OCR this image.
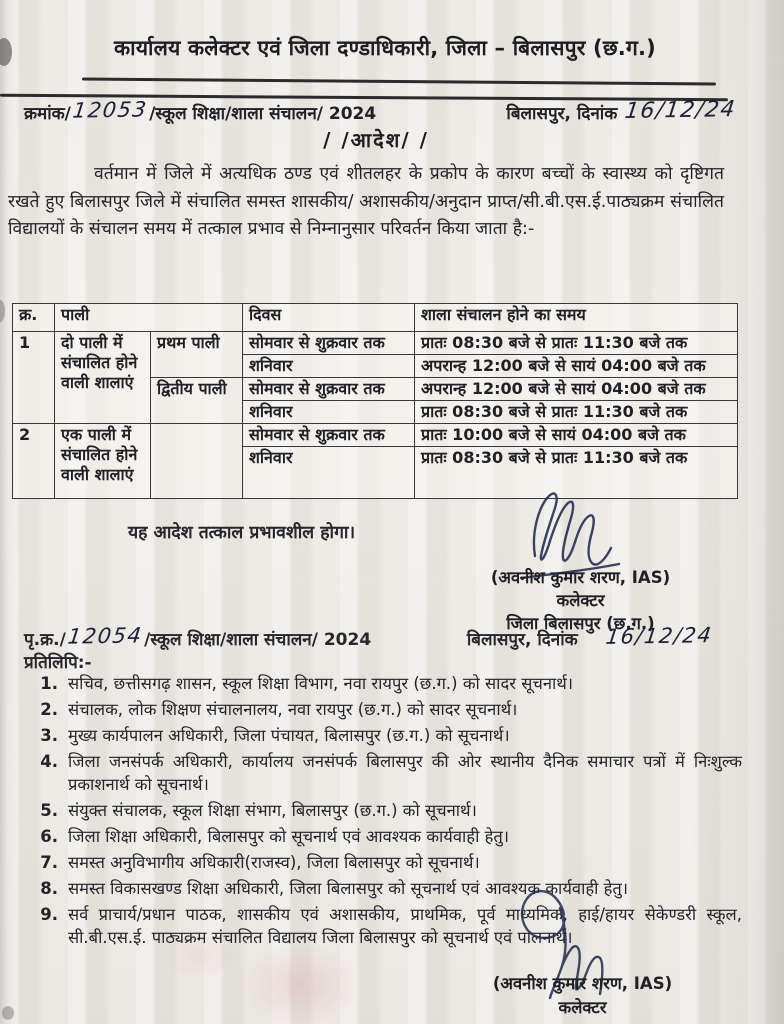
कार्यालय कलेक्टर एवं जिला दण्डाधिकारी, जिला – बिलासपुर (छ.ग.)
क्रमांक/12053/स्कूल शिक्षा/शाला संचालन/ 2024	बिलासपुर, दिनांक 16/12/24
/ /आदेश/ /

वर्तमान में जिले में अत्यधिक ठण्ड एवं शीतलहर के प्रकोप के कारण बच्चों के स्वास्थ्य को दृष्टिगत रखते हुए बिलासपुर जिले में संचालित समस्त शासकीय/ अशासकीय/अनुदान प्राप्त/सी.बी.एस.ई.पाठ्यक्रम संचालित विद्यालयों के संचालन समय में तत्काल प्रभाव से निम्नानुसार परिवर्तन किया जाता है:-

क्र.	पाली		दिवस	शाला संचालन होने का समय
1	दो पाली में संचालित होने वाली शालाएं	प्रथम पाली	सोमवार से शुक्रवार तक	प्रातः 08:30 बजे से प्रातः 11:30 बजे तक
			शनिवार	अपरान्ह 12:00 बजे से सायं 04:00 बजे तक
		द्वितीय पाली	सोमवार से शुक्रवार तक	अपरान्ह 12:00 बजे से सायं 04:00 बजे तक
			शनिवार	प्रातः 08:30 बजे से प्रातः 11:30 बजे तक
2	एक पाली में संचालित होने वाली शालाएं		सोमवार से शुक्रवार तक	प्रातः 10:00 बजे से सायं 04:00 बजे तक
			शनिवार	प्रातः 08:30 बजे से प्रातः 11:30 बजे तक
यह आदेश तत्काल प्रभावशील होगा।
(अवनीश कुमार शरण, IAS)
कलेक्टर
जिला बिलासपुर (छ.ग.)
पृ.क्र./12054/स्कूल शिक्षा/शाला संचालन/ 2024	बिलासपुर, दिनांक 16/12/24
प्रतिलिपि:-
1. सचिव, छत्तीसगढ़ शासन, स्कूल शिक्षा विभाग, नवा रायपुर (छ.ग.) को सादर सूचनार्थ।
2. संचालक, लोक शिक्षण संचालनालय, नवा रायपुर (छ.ग.) को सादर सूचनार्थ।
3. मुख्य कार्यपालन अधिकारी, जिला पंचायत, बिलासपुर (छ.ग.) को सूचनार्थ।
4. जिला जनसंपर्क अधिकारी, कार्यालय जनसंपर्क बिलासपुर की ओर स्थानीय दैनिक समाचार पत्रों में निःशुल्क प्रकाशनार्थ को सूचनार्थ।
5. संयुक्त संचालक, स्कूल शिक्षा संभाग, बिलासपुर (छ.ग.) को सूचनार्थ।
6. जिला शिक्षा अधिकारी, बिलासपुर को सूचनार्थ एवं आवश्यक कार्यवाही हेतु।
7. समस्त अनुविभागीय अधिकारी(राजस्व), जिला बिलासपुर को सूचनार्थ।
8. समस्त विकासखण्ड शिक्षा अधिकारी, जिला बिलासपुर को सूचनार्थ एवं आवश्यक कार्यवाही हेतु।
9. सर्व प्राचार्य/प्रधान पाठक, शासकीय एवं अशासकीय, प्राथमिक, पूर्व माध्यमिक, हाई/हायर सेकेण्डरी स्कूल, सी.बी.एस.ई. पाठ्यक्रम संचालित विद्यालय जिला बिलासपुर को सूचनार्थ एवं पालनार्थ।
(अवनीश कुमार शरण, IAS)
कलेक्टर
